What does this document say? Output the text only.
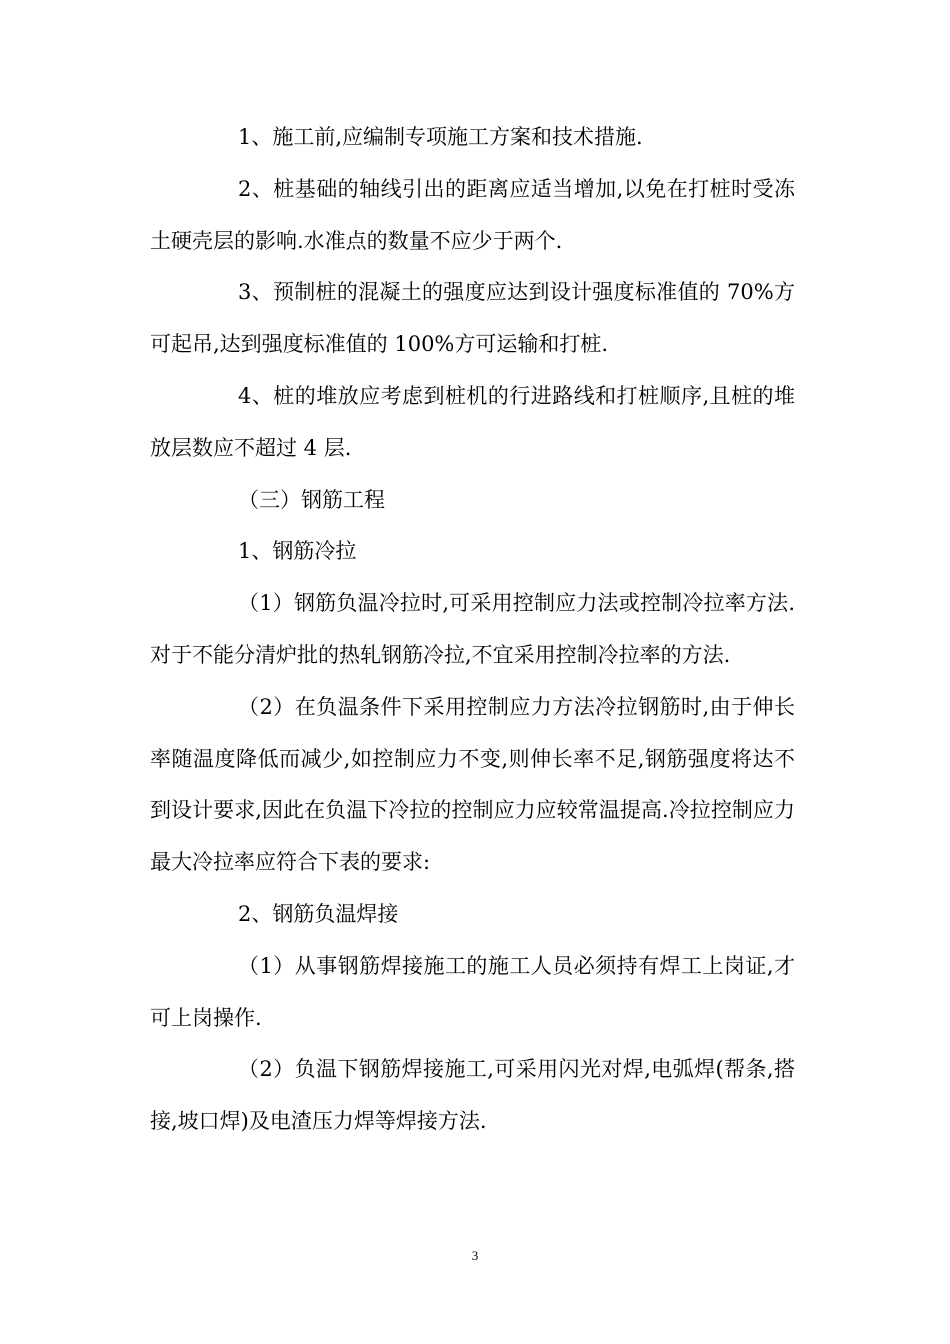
1、施工前,应编制专项施工方案和技术措施.

2、桩基础的轴线引出的距离应适当增加,以免在打桩时受冻土硬壳层的影响.水准点的数量不应少于两个.

3、预制桩的混凝土的强度应达到设计强度标准值的 70%方可起吊,达到强度标准值的 100%方可运输和打桩.

4、桩的堆放应考虑到桩机的行进路线和打桩顺序,且桩的堆放层数应不超过 4 层.

（三）钢筋工程

1、钢筋冷拉

（1）钢筋负温冷拉时,可采用控制应力法或控制冷拉率方法.对于不能分清炉批的热轧钢筋冷拉,不宜采用控制冷拉率的方法.

（2）在负温条件下采用控制应力方法冷拉钢筋时,由于伸长率随温度降低而减少,如控制应力不变,则伸长率不足,钢筋强度将达不到设计要求,因此在负温下冷拉的控制应力应较常温提高.冷拉控制应力最大冷拉率应符合下表的要求:

2、钢筋负温焊接

（1）从事钢筋焊接施工的施工人员必须持有焊工上岗证,才可上岗操作.

（2）负温下钢筋焊接施工,可采用闪光对焊,电弧焊(帮条,搭接,坡口焊)及电渣压力焊等焊接方法.

3
